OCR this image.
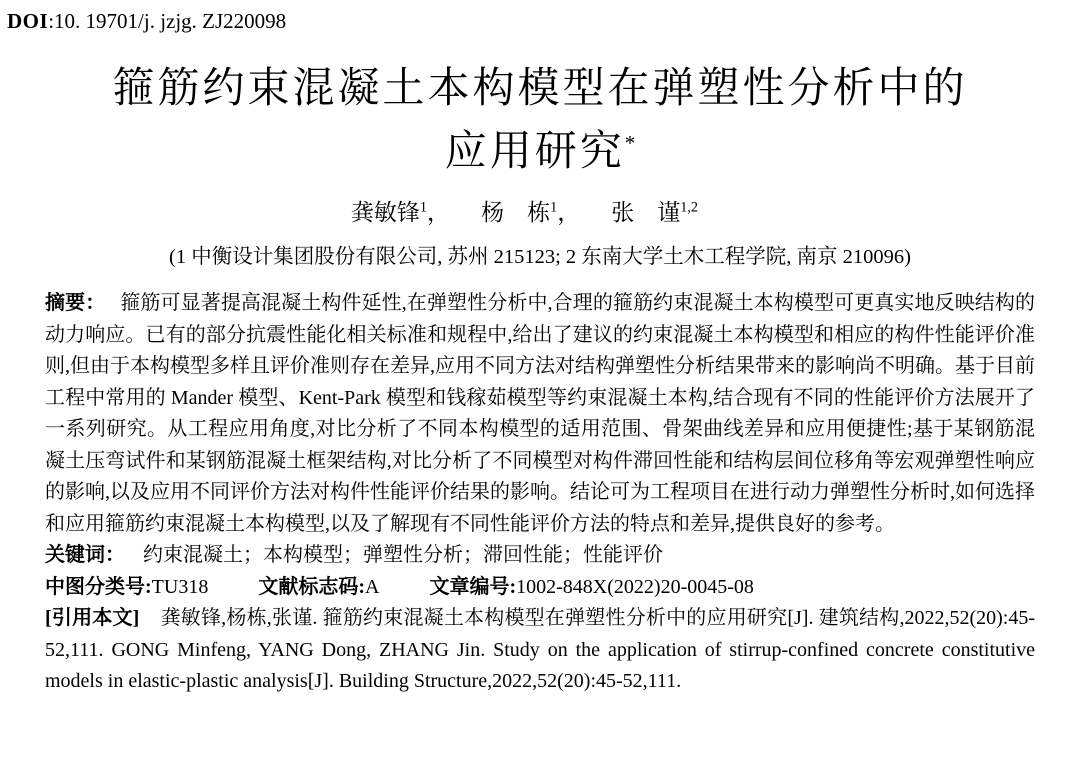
DOI:10. 19701/j. jzjg. ZJ220098

箍筋约束混凝土本构模型在弹塑性分析中的
应用研究*
龚敏锋$^1$， 杨　栋$^1$， 张　谨$^{1,2}$
(1 中衡设计集团股份有限公司, 苏州 215123; 2 东南大学土木工程学院, 南京 210096)

摘要： 箍筋可显著提高混凝土构件延性,在弹塑性分析中,合理的箍筋约束混凝土本构模型可更真实地反映结构的动力响应。已有的部分抗震性能化相关标准和规程中,给出了建议的约束混凝土本构模型和相应的构件性能评价准则,但由于本构模型多样且评价准则存在差异,应用不同方法对结构弹塑性分析结果带来的影响尚不明确。基于目前工程中常用的 Mander 模型、Kent-Park 模型和钱稼茹模型等约束混凝土本构,结合现有不同的性能评价方法展开了一系列研究。从工程应用角度,对比分析了不同本构模型的适用范围、骨架曲线差异和应用便捷性;基于某钢筋混凝土压弯试件和某钢筋混凝土框架结构,对比分析了不同模型对构件滞回性能和结构层间位移角等宏观弹塑性响应的影响,以及应用不同评价方法对构件性能评价结果的影响。结论可为工程项目在进行动力弹塑性分析时,如何选择和应用箍筋约束混凝土本构模型,以及了解现有不同性能评价方法的特点和差异,提供良好的参考。

关键词： 约束混凝土；本构模型；弹塑性分析；滞回性能；性能评价

中图分类号:TU318	文献标志码:A	文章编号:1002-848X(2022)20-0045-08

[引用本文] 龚敏锋,杨栋,张谨. 箍筋约束混凝土本构模型在弹塑性分析中的应用研究[J]. 建筑结构,2022,52(20):45-52,111. GONG Minfeng, YANG Dong, ZHANG Jin. Study on the application of stirrup-confined concrete constitutive models in elastic-plastic analysis[J]. Building Structure,2022,52(20):45-52,111.
